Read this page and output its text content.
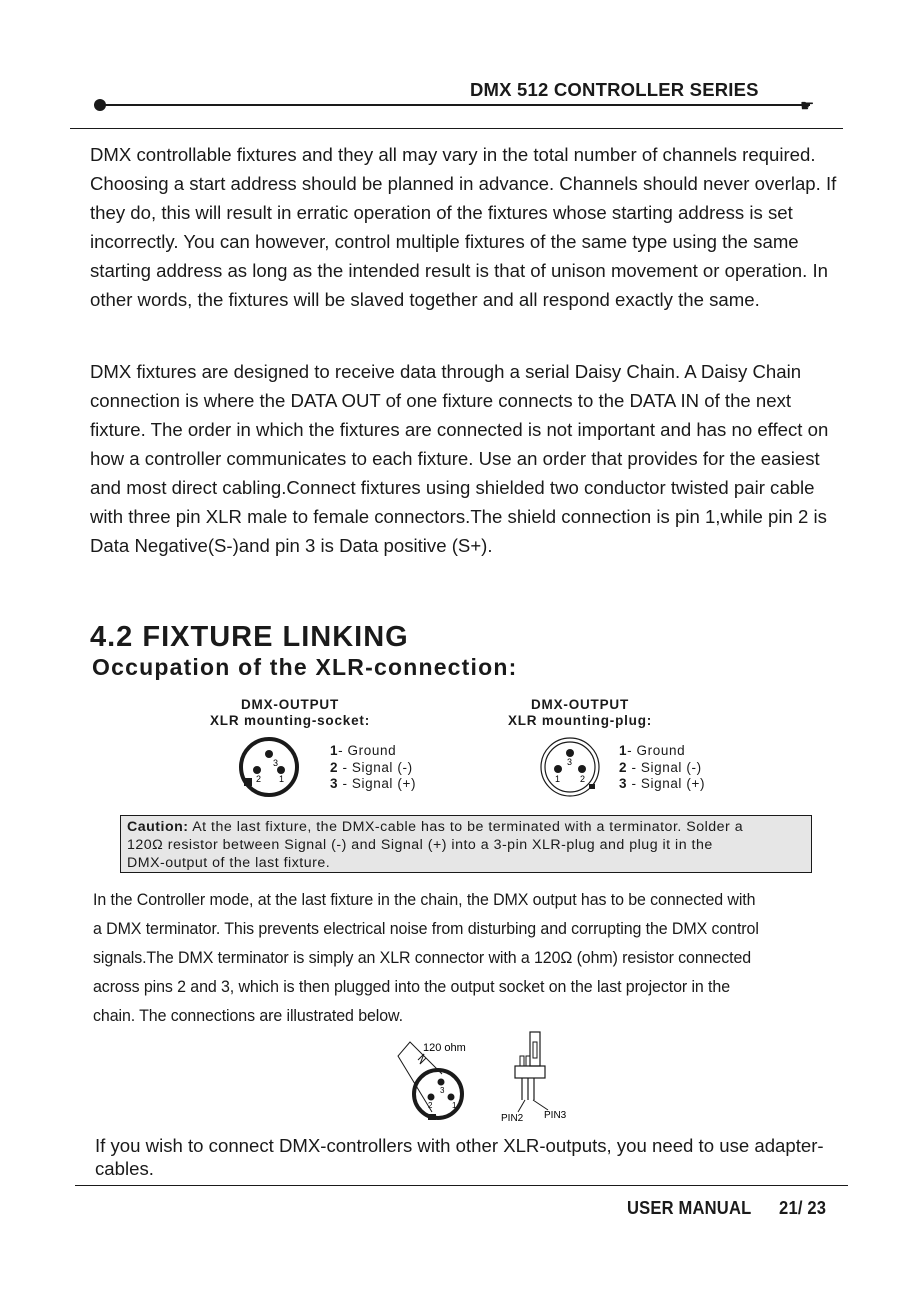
DMX 512 CONTROLLER SERIES
☛

DMX controllable fixtures and they all may vary in the total number of channels required. Choosing a start address should be planned in advance. Channels should never overlap. If they do, this will result in erratic operation of the fixtures whose starting address is set incorrectly. You can however, control multiple fixtures of the same type using the same starting address as long as the intended result is that of unison movement or operation. In other words, the fixtures will be slaved together and all respond exactly the same.

DMX fixtures are designed to receive data through a serial Daisy Chain. A Daisy Chain connection is where the DATA OUT of one fixture connects to the DATA IN of the next fixture. The order in which the fixtures are connected is not important and has no effect on how a controller communicates to each fixture. Use an order that provides for the easiest and most direct cabling.Connect fixtures using shielded two conductor twisted pair cable with three pin XLR male to female connectors.The shield connection is pin 1,while pin 2 is Data Negative(S-)and pin 3 is Data positive (S+).

4.2 FIXTURE LINKING
Occupation of the XLR-connection:
DMX-OUTPUT
XLR mounting-socket:
3
2 1
1- Ground
2 - Signal (-)
3 - Signal (+)
DMX-OUTPUT
XLR mounting-plug:
3
1 2
1- Ground
2 - Signal (-)
3 - Signal (+)
Caution: At the last fixture, the DMX-cable has to be terminated with a terminator. Solder a
120Ω resistor between Signal (-) and Signal (+) into a 3-pin XLR-plug and plug it in the
DMX-output of the last fixture.

In the Controller mode, at the last fixture in the chain, the DMX output has to be connected with
a DMX terminator. This prevents electrical noise from disturbing and corrupting the DMX control
signals.The DMX terminator is simply an XLR connector with a 120Ω (ohm) resistor connected
across pins 2 and 3, which is then plugged into the output socket on the last projector in the
chain. The connections are illustrated below.

120 ohm
3
2 1
PIN2 PIN3

If you wish to connect DMX-controllers with other XLR-outputs, you need to use adapter-cables.

USER MANUAL 21/ 23
